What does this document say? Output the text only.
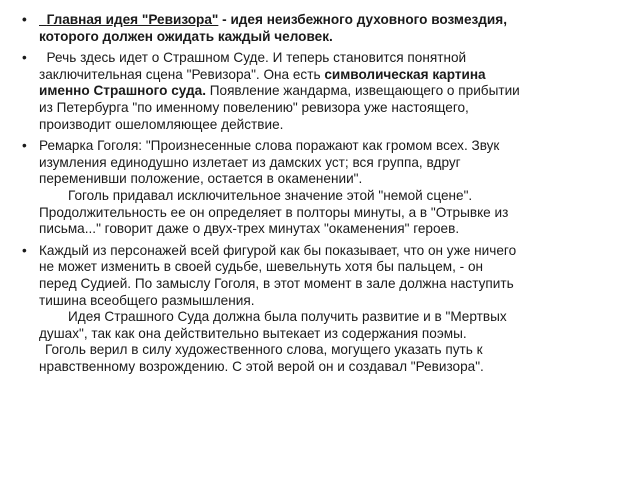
•	Главная идея "Ревизора" - идея неизбежного духовного возмездия,
которого должен ожидать каждый человек.
• Речь здесь идет о Страшном Суде. И теперь становится понятной
заключительная сцена "Ревизора". Она есть символическая картина
именно Страшного суда. Появление жандарма, извещающего о прибытии
из Петербурга "по именному повелению" ревизора уже настоящего,
производит ошеломляющее действие.
• Ремарка Гоголя: "Произнесенные слова поражают как громом всех. Звук
изумления единодушно излетает из дамских уст; вся группа, вдруг
переменивши положение, остается в окаменении".
Гоголь придавал исключительное значение этой "немой сцене".
Продолжительность ее он определяет в полторы минуты, а в "Отрывке из
письма..." говорит даже о двух-трех минутах "окаменения" героев.
• Каждый из персонажей всей фигурой как бы показывает, что он уже ничего
не может изменить в своей судьбе, шевельнуть хотя бы пальцем, - он
перед Судией. По замыслу Гоголя, в этот момент в зале должна наступить
тишина всеобщего размышления.
Идея Страшного Суда должна была получить развитие и в "Мертвых
душах", так как она действительно вытекает из содержания поэмы.
Гоголь верил в силу художественного слова, могущего указать путь к
нравственному возрождению. С этой верой он и создавал "Ревизора".
